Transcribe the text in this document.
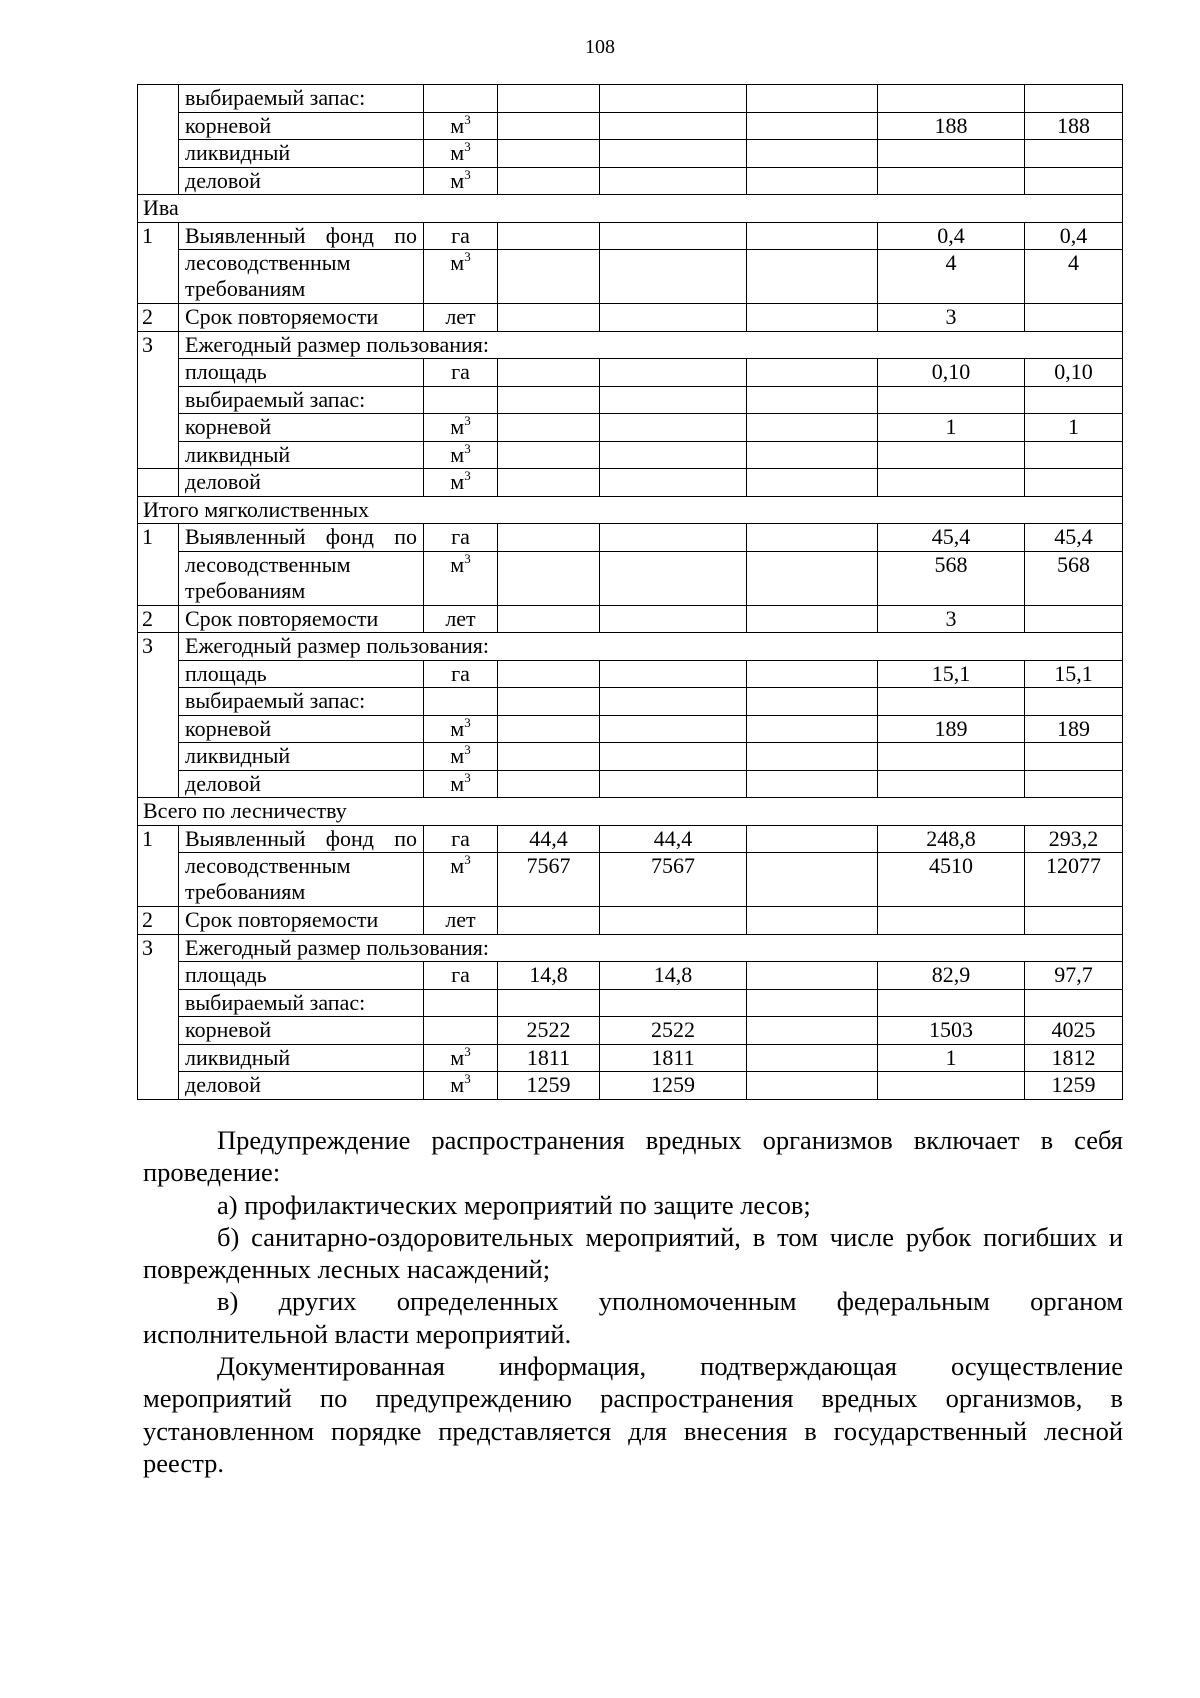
108
	выбираемый запас:						
	корневой	$м^3$				188	188
	ликвидный	$м^3$					
	деловой	$м^3$					
Ива							
1	Выявленный фонд по	га				0,4	0,4
	лесоводственным
требованиям	$м^3$				4	4
2	Срок повторяемости	лет				3	
3	Ежегодный размер пользования:						
	площадь	га				0,10	0,10
	выбираемый запас:						
	корневой	$м^3$				1	1
	ликвидный	$м^3$					
	деловой	$м^3$					
Итого мягколиственных							
1	Выявленный фонд по	га				45,4	45,4
	лесоводственным
требованиям	$м^3$				568	568
2	Срок повторяемости	лет				3	
3	Ежегодный размер пользования:						
	площадь	га				15,1	15,1
	выбираемый запас:						
	корневой	$м^3$				189	189
	ликвидный	$м^3$					
	деловой	$м^3$					
Всего по лесничеству							
1	Выявленный фонд по	га	44,4	44,4		248,8	293,2
	лесоводственным
требованиям	$м^3$	7567	7567		4510	12077
2	Срок повторяемости	лет					
3	Ежегодный размер пользования:						
	площадь	га	14,8	14,8		82,9	97,7
	выбираемый запас:						
	корневой		2522	2522		1503	4025
	ликвидный	$м^3$	1811	1811		1	1812
	деловой	$м^3$	1259	1259			1259

Предупреждение распространения вредных организмов включает в себя проведение:

а) профилактических мероприятий по защите лесов;

б) санитарно-оздоровительных мероприятий, в том числе рубок погибших и поврежденных лесных насаждений;

в) других определенных уполномоченным федеральным органом исполнительной власти мероприятий.

Документированная информация, подтверждающая осуществление мероприятий по предупреждению распространения вредных организмов, в установленном порядке представляется для внесения в государственный лесной реестр.
